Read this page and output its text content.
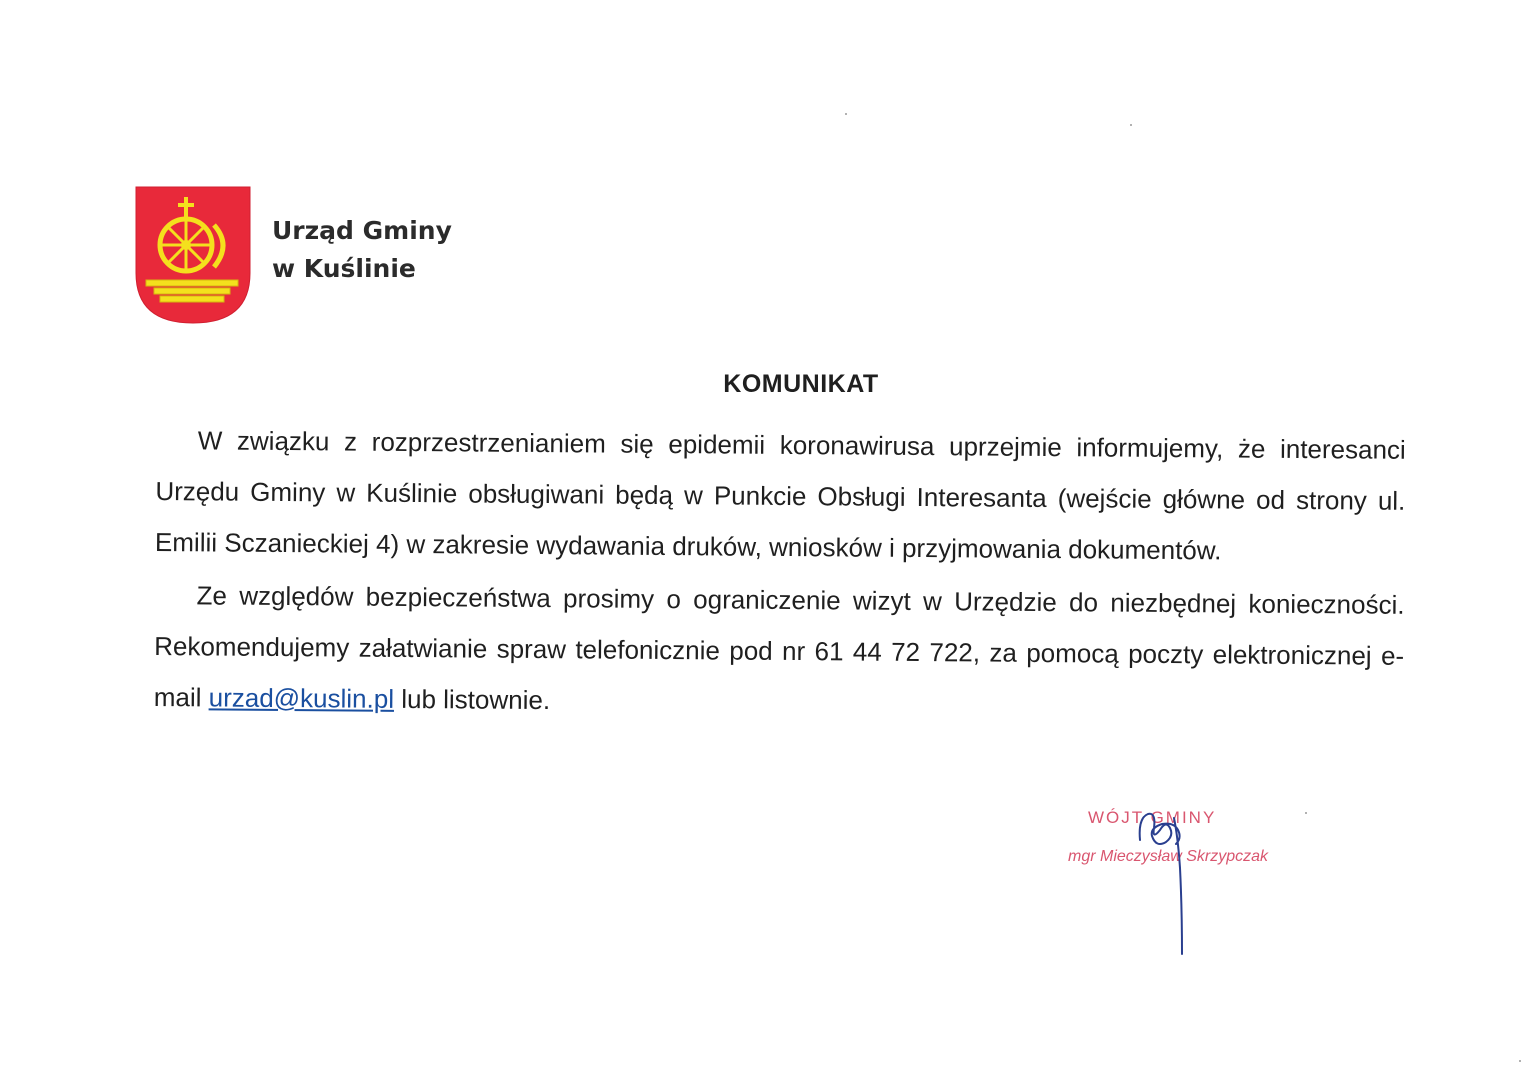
Urząd Gminy
w Kuślinie
KOMUNIKAT

W związku z rozprzestrzenianiem się epidemii koronawirusa uprzejmie informujemy, że interesanci Urzędu Gminy w Kuślinie obsługiwani będą w Punkcie Obsługi Interesanta (wejście główne od strony ul. Emilii Sczanieckiej 4) w zakresie wydawania druków, wniosków i przyjmowania dokumentów.

Ze względów bezpieczeństwa prosimy o ograniczenie wizyt w Urzędzie do niezbędnej konieczności. Rekomendujemy załatwianie spraw telefonicznie pod nr 61 44 72 722, za pomocą poczty elektronicznej e-mail urzad@kuslin.pl lub listownie.

WÓJT GMINY
mgr Mieczysław Skrzypczak
